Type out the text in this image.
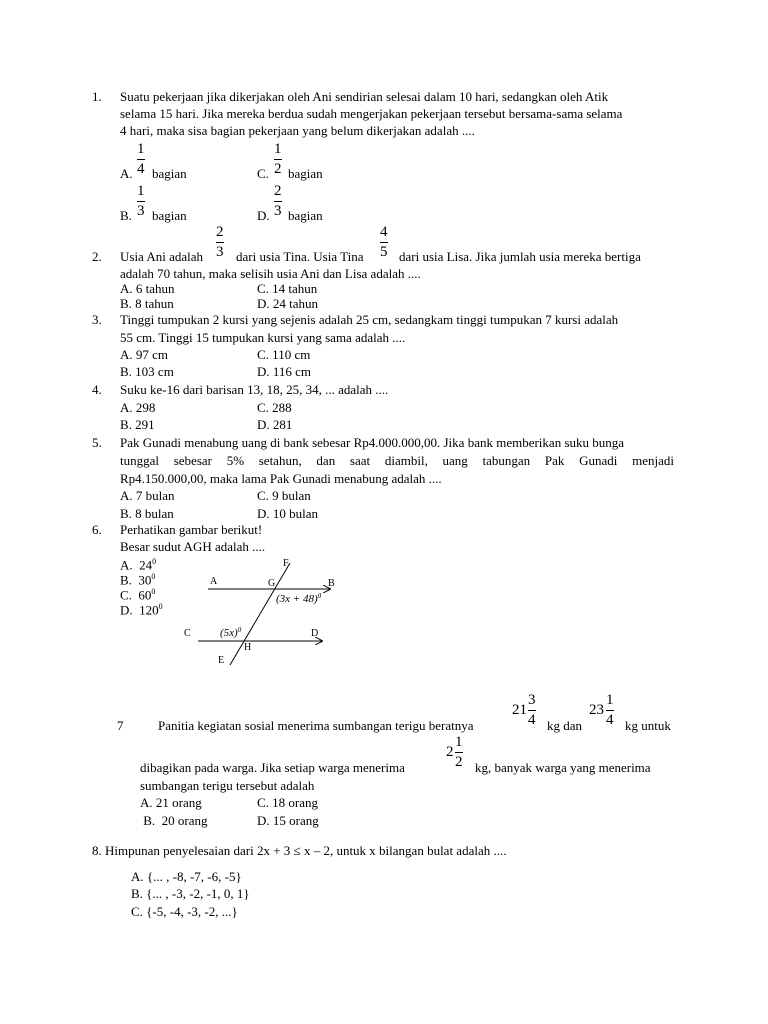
1. Suatu pekerjaan jika dikerjakan oleh Ani sendirian selesai dalam 10 hari, sedangkan oleh Atik
selama 15 hari. Jika mereka berdua sudah mengerjakan pekerjaan tersebut bersama-sama selama
4 hari, maka sisa bagian pekerjaan yang belum dikerjakan adalah ....
A.
1
4 bagian	C.
1
2 bagian
B.
1
3 bagian	D.
2
3 bagian
2. Usia Ani adalah
2
3 dari usia Tina. Usia Tina
4
5 dari usia Lisa. Jika jumlah usia mereka bertiga
adalah 70 tahun, maka selisih usia Ani dan Lisa adalah ....
A. 6 tahun	C. 14 tahun
B. 8 tahun	D. 24 tahun
3. Tinggi tumpukan 2 kursi yang sejenis adalah 25 cm, sedangkam tinggi tumpukan 7 kursi adalah
55 cm. Tinggi 15 tumpukan kursi yang sama adalah ....
A. 97 cm	C. 110 cm
B. 103 cm	D. 116 cm
4. Suku ke-16 dari barisan 13, 18, 25, 34, ... adalah ....
A. 298	C. 288
B. 291	D. 281
5. Pak Gunadi menabung uang di bank sebesar Rp4.000.000,00. Jika bank memberikan suku bunga
tunggal sebesar 5% setahun, dan saat diambil, uang tabungan Pak Gunadi menjadi
Rp4.150.000,00, maka lama Pak Gunadi menabung adalah ....
A. 7 bulan	C. 9 bulan
B. 8 bulan	D. 10 bulan
6. Perhatikan gambar berikut!
Besar sudut AGH adalah ....
A. $24^0$
B. $30^0$
C. $60^0$
D. $120^0$
F
A	G	B
$(3x + 48)^0$
C	$(5x)^0$	D
H
E
7	Panitia kegiatan sosial menerima sumbangan terigu beratnya
21
3
4 kg dan
23
1
4 kg untuk
dibagikan pada warga. Jika setiap warga menerima
2
1
2 kg, banyak warga yang menerima
sumbangan terigu tersebut adalah
A. 21 orang	C. 18 orang
B.  20 orang	D. 15 orang
8. Himpunan penyelesaian dari 2x + 3 ≤ x – 2, untuk x bilangan bulat adalah ....
A. {... , -8, -7, -6, -5}
B. {... , -3, -2, -1, 0, 1}
C. {-5, -4, -3, -2, ...}
